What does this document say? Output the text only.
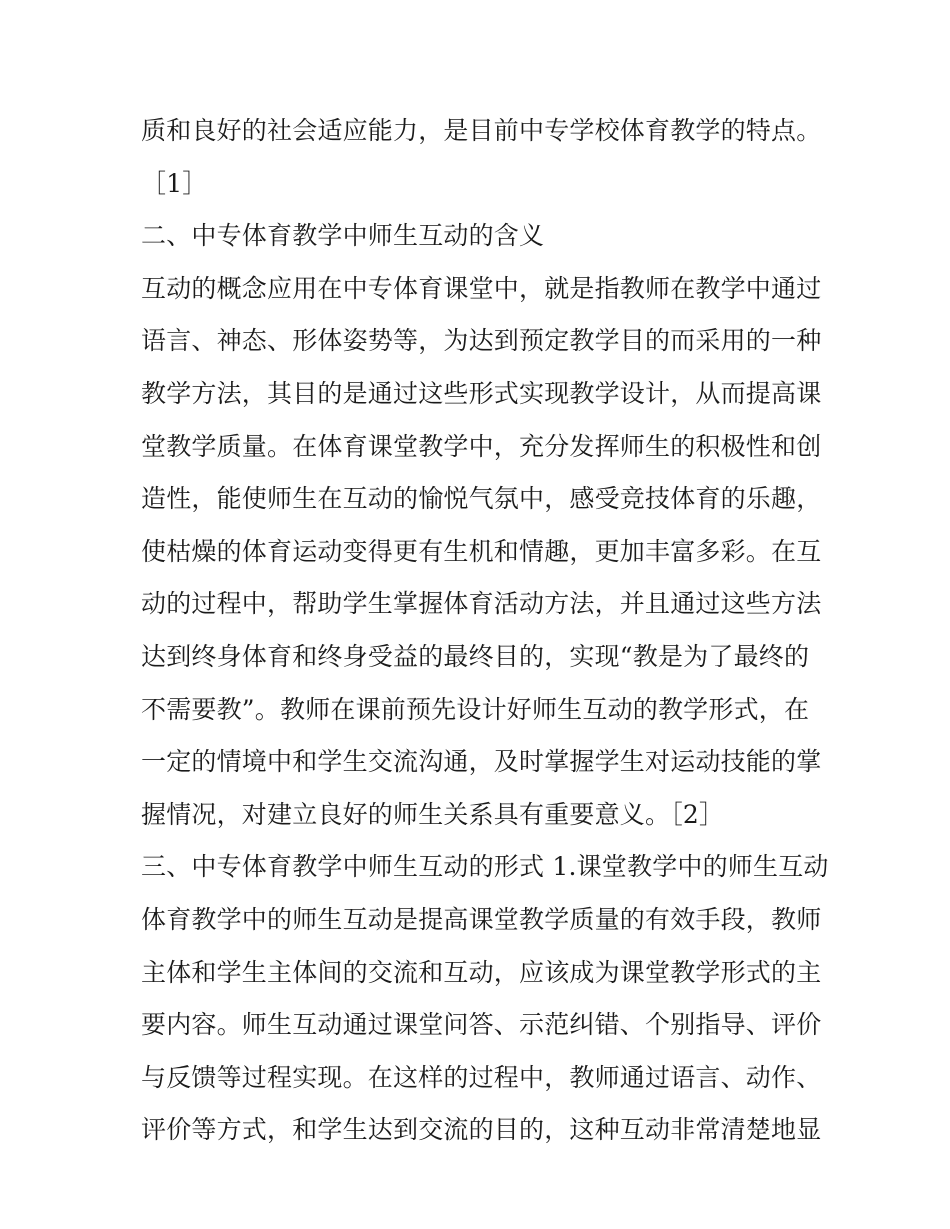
质和良好的社会适应能力，是目前中专学校体育教学的特点。
［1］
二、中专体育教学中师生互动的含义
互动的概念应用在中专体育课堂中，就是指教师在教学中通过
语言、神态、形体姿势等，为达到预定教学目的而采用的一种
教学方法，其目的是通过这些形式实现教学设计，从而提高课
堂教学质量。在体育课堂教学中，充分发挥师生的积极性和创
造性，能使师生在互动的愉悦气氛中，感受竞技体育的乐趣，
使枯燥的体育运动变得更有生机和情趣，更加丰富多彩。在互
动的过程中，帮助学生掌握体育活动方法，并且通过这些方法
达到终身体育和终身受益的最终目的，实现“教是为了最终的
不需要教”。教师在课前预先设计好师生互动的教学形式，在
一定的情境中和学生交流沟通，及时掌握学生对运动技能的掌
握情况，对建立良好的师生关系具有重要意义。［2］
三、中专体育教学中师生互动的形式 1.课堂教学中的师生互动
体育教学中的师生互动是提高课堂教学质量的有效手段，教师
主体和学生主体间的交流和互动，应该成为课堂教学形式的主
要内容。师生互动通过课堂问答、示范纠错、个别指导、评价
与反馈等过程实现。在这样的过程中，教师通过语言、动作、
评价等方式，和学生达到交流的目的，这种互动非常清楚地显
